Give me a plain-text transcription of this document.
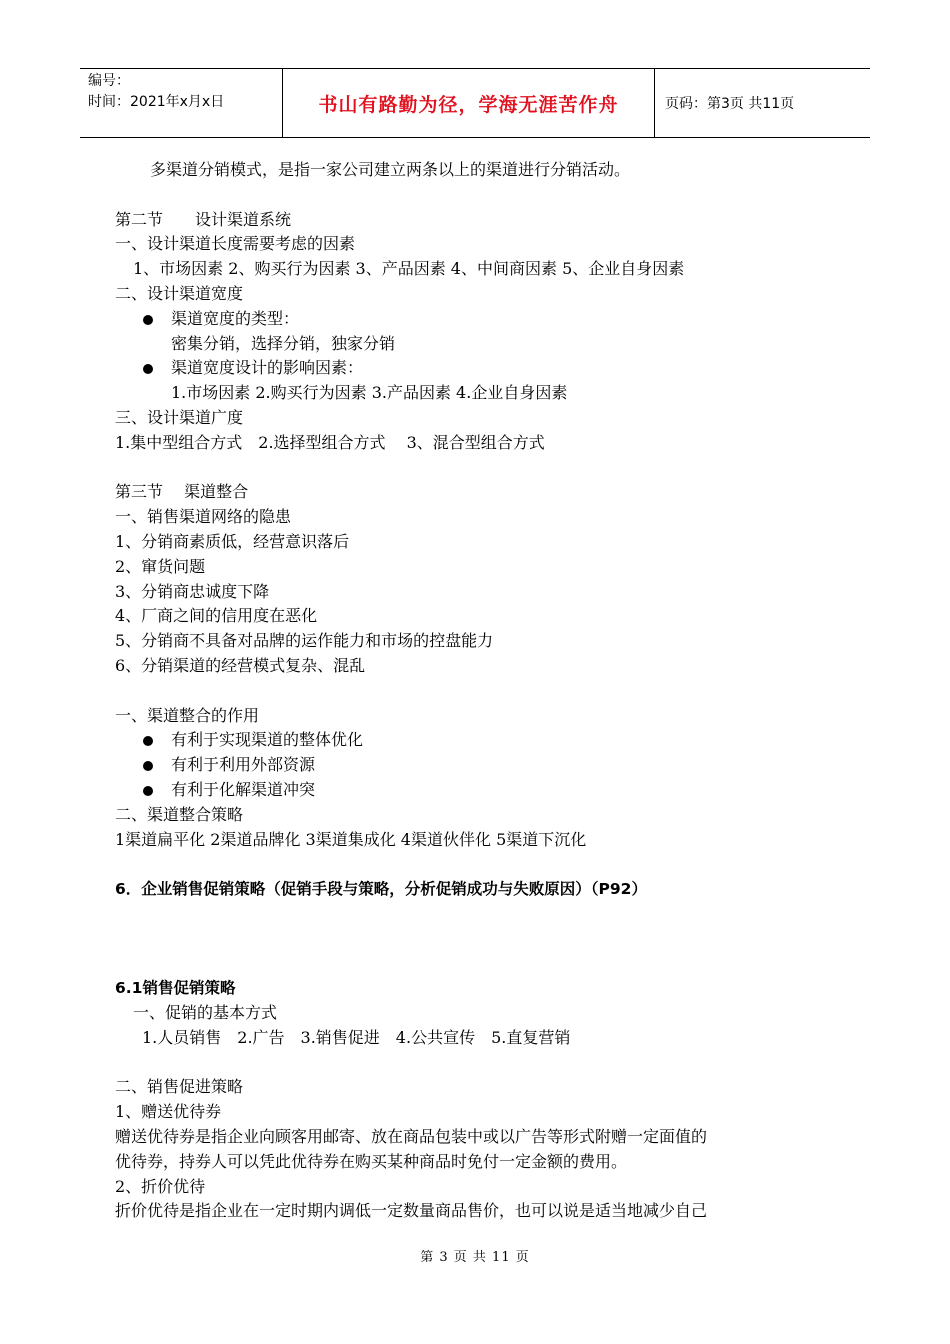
编号：
时间：2021年x月x日	书山有路勤为径，学海无涯苦作舟	页码：第3页 共11页
多渠道分销模式，是指一家公司建立两条以上的渠道进行分销活动。
第二节　　设计渠道系统
一、设计渠道长度需要考虑的因素
1、市场因素 2、购买行为因素 3、产品因素 4、中间商因素 5、企业自身因素
二、设计渠道宽度
渠道宽度的类型：
密集分销，选择分销，独家分销
渠道宽度设计的影响因素：
1.市场因素 2.购买行为因素 3.产品因素 4.企业自身因素
三、设计渠道广度
1.集中型组合方式　2.选择型组合方式　 3、混合型组合方式
第三节　 渠道整合
一、销售渠道网络的隐患
1、分销商素质低，经营意识落后
2、窜货问题
3、分销商忠诚度下降
4、厂商之间的信用度在恶化
5、分销商不具备对品牌的运作能力和市场的控盘能力
6、分销渠道的经营模式复杂、混乱
一、渠道整合的作用
有利于实现渠道的整体优化
有利于利用外部资源
有利于化解渠道冲突
二、渠道整合策略
1渠道扁平化 2渠道品牌化 3渠道集成化 4渠道伙伴化 5渠道下沉化
6．企业销售促销策略（促销手段与策略，分析促销成功与失败原因）（P92）
6.1销售促销策略
一、促销的基本方式
1.人员销售　2.广告　3.销售促进　4.公共宣传　5.直复营销
二、销售促进策略
1、赠送优待券
赠送优待券是指企业向顾客用邮寄、放在商品包装中或以广告等形式附赠一定面值的
优待券，持券人可以凭此优待券在购买某种商品时免付一定金额的费用。
2、折价优待
折价优待是指企业在一定时期内调低一定数量商品售价，也可以说是适当地减少自己
第 3 页 共 11 页
